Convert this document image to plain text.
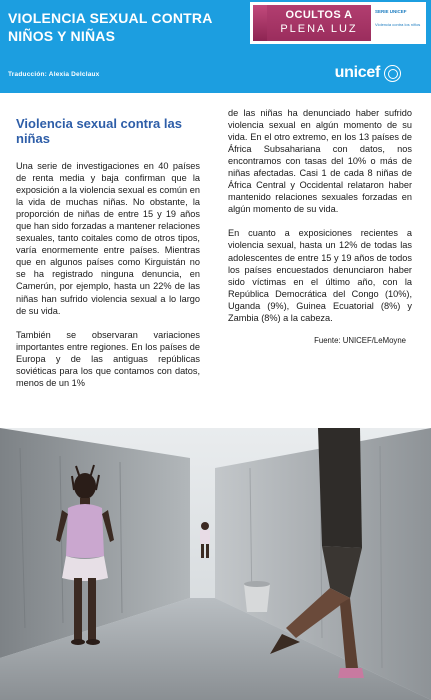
VIOLENCIA SEXUAL CONTRA NIÑOS Y NIÑAS
Traducción: Alexia Delclaux	unicef
OCULTOS A
PLENA LUZ
SERIE UNICEF
Violencia contra los niños
Violencia sexual contra las niñas

Una serie de investigaciones en 40 países de renta media y baja confirman que la exposición a la violencia sexual es común en la vida de muchas niñas. No obstante, la proporción de niñas de entre 15 y 19 años que han sido forzadas a mantener relaciones sexuales, tanto coitales como de otros tipos, varía enormemente entre países. Mientras que en algunos países como Kirguistán no se ha registrado ninguna denuncia, en Camerún, por ejemplo, hasta un 22% de las niñas han sufrido violencia sexual a lo largo de su vida.

También se observaran variaciones importantes entre regiones. En los países de Europa y de las antiguas repúblicas soviéticas para los que contamos con datos, menos de un 1%

de las niñas ha denunciado haber sufrido violencia sexual en algún momento de su vida. En el otro extremo, en los 13 países de África Subsahariana con datos, nos encontramos con tasas del 10% o más de niñas afectadas. Casi 1 de cada 8 niñas de África Central y Occidental relataron haber mantenido relaciones sexuales forzadas en algún momento de su vida.

En cuanto a exposiciones recientes a violencia sexual, hasta un 12% de todas las adolescentes de entre 15 y 19 años de todos los países encuestados denunciaron haber sido víctimas en el último año, con la República Democrática del Congo (10%), Uganda (9%), Guinea Ecuatorial (8%) y Zambia (8%) a la cabeza.

Fuente: UNICEF/LeMoyne
